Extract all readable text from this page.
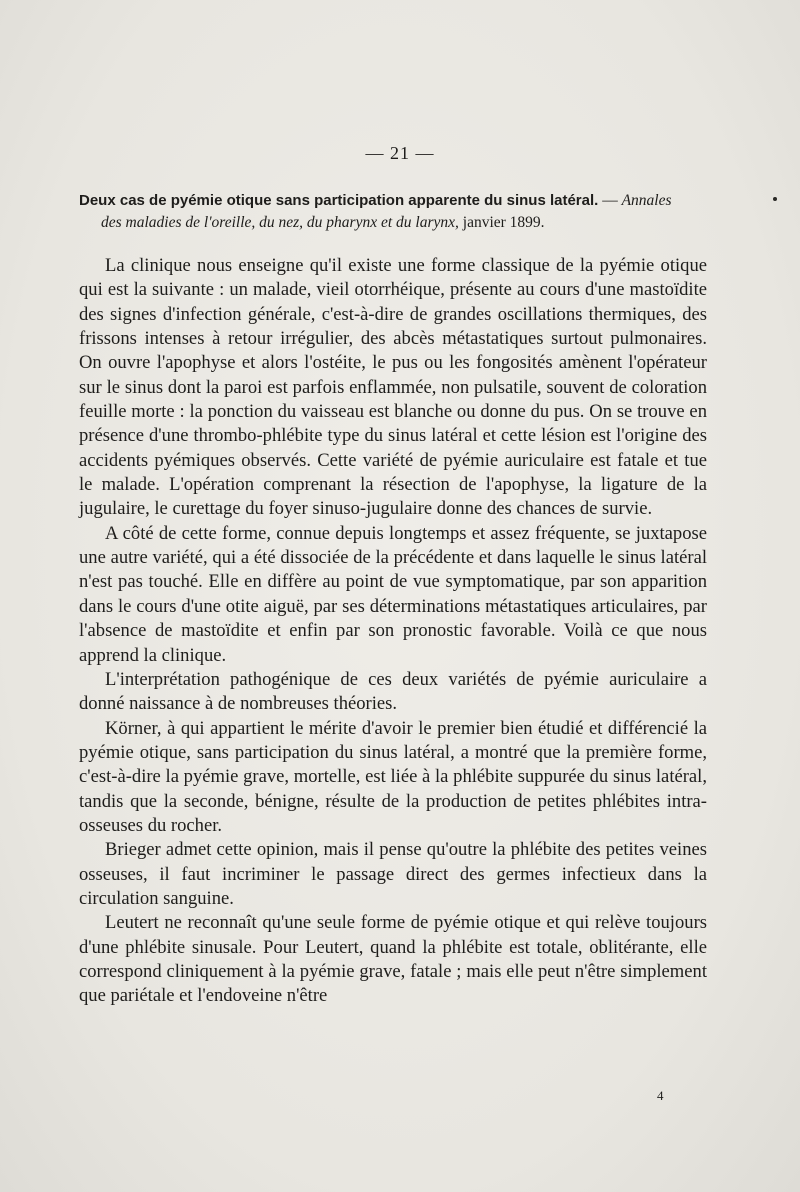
— 21 —
Deux cas de pyémie otique sans participation apparente du sinus latéral. — Annales
des maladies de l'oreille, du nez, du pharynx et du larynx, janvier 1899.

La clinique nous enseigne qu'il existe une forme classique de la pyémie otique qui est la suivante : un malade, vieil otorrhéique, présente au cours d'une mastoïdite des signes d'infection générale, c'est-à-dire de grandes oscillations thermiques, des frissons intenses à retour irrégulier, des abcès métastatiques surtout pulmonaires. On ouvre l'apophyse et alors l'ostéite, le pus ou les fongosités amènent l'opérateur sur le sinus dont la paroi est parfois enflammée, non pulsatile, souvent de coloration feuille morte : la ponction du vaisseau est blanche ou donne du pus. On se trouve en présence d'une thrombo-phlébite type du sinus latéral et cette lésion est l'origine des accidents pyémiques observés. Cette variété de pyémie auriculaire est fatale et tue le malade. L'opération comprenant la résection de l'apophyse, la ligature de la jugulaire, le curettage du foyer sinuso-jugulaire donne des chances de survie.

A côté de cette forme, connue depuis longtemps et assez fréquente, se juxtapose une autre variété, qui a été dissociée de la précédente et dans laquelle le sinus latéral n'est pas touché. Elle en diffère au point de vue symptomatique, par son apparition dans le cours d'une otite aiguë, par ses déterminations métastatiques articulaires, par l'absence de mastoïdite et enfin par son pronostic favorable. Voilà ce que nous apprend la clinique.

L'interprétation pathogénique de ces deux variétés de pyémie auriculaire a donné naissance à de nombreuses théories.

Körner, à qui appartient le mérite d'avoir le premier bien étudié et différencié la pyémie otique, sans participation du sinus latéral, a montré que la première forme, c'est-à-dire la pyémie grave, mortelle, est liée à la phlébite suppurée du sinus latéral, tandis que la seconde, bénigne, résulte de la production de petites phlébites intra-osseuses du rocher.

Brieger admet cette opinion, mais il pense qu'outre la phlébite des petites veines osseuses, il faut incriminer le passage direct des germes infectieux dans la circulation sanguine.

Leutert ne reconnaît qu'une seule forme de pyémie otique et qui relève toujours d'une phlébite sinusale. Pour Leutert, quand la phlébite est totale, oblitérante, elle correspond cliniquement à la pyémie grave, fatale ; mais elle peut n'être simplement que pariétale et l'endoveine n'être

4
